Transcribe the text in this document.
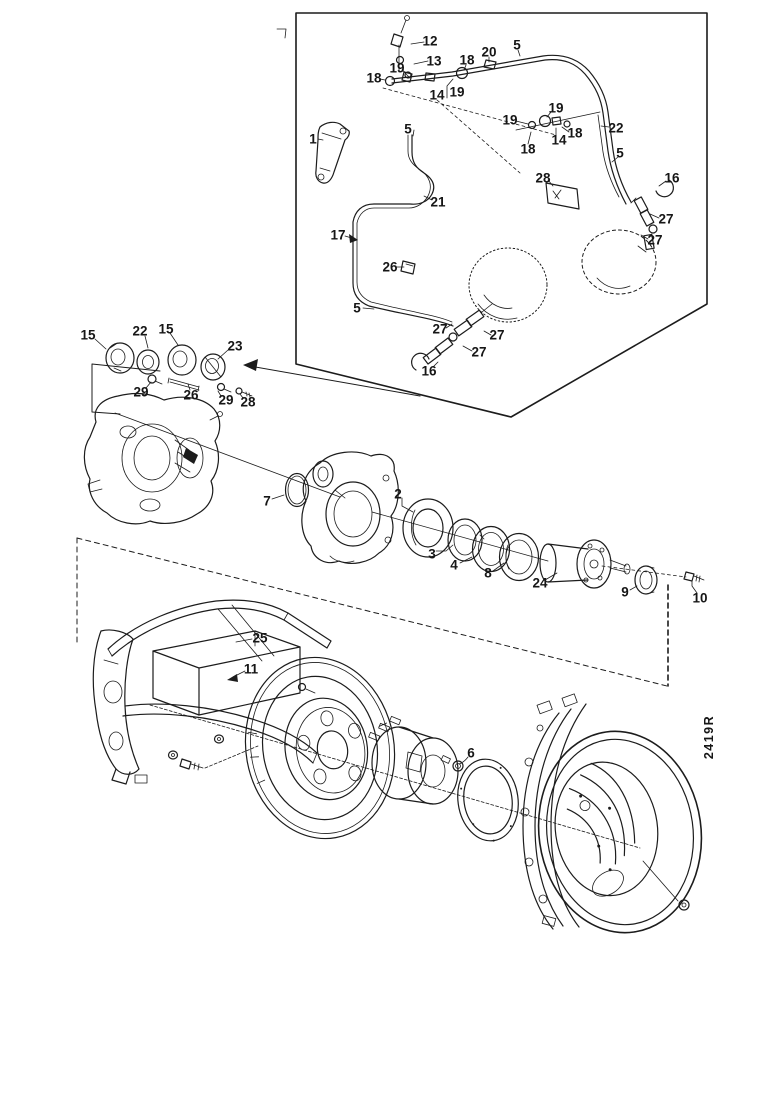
12
13
19
18
14 19
18
20 5
1
5
19
19
14 18
18
22
5
28	16
27
27
21
17
26
5
27	27
27
16
15	22 15
23
29	26 29 28
7	2
3
4
8
24
9	10
25
11
6	2419R
